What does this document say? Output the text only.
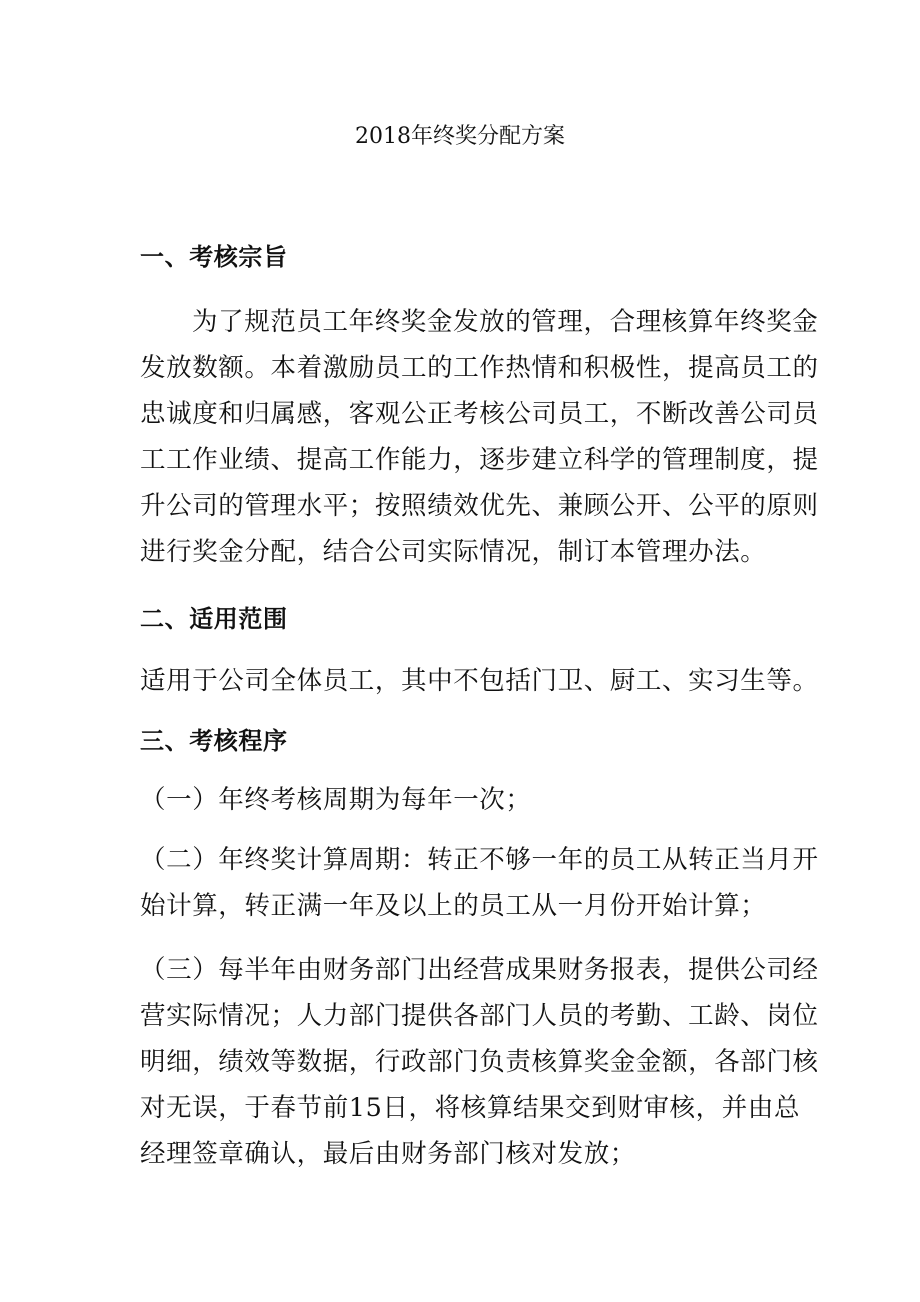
2018年终奖分配方案
一、考核宗旨
为了规范员工年终奖金发放的管理，合理核算年终奖金
发放数额。本着激励员工的工作热情和积极性，提高员工的
忠诚度和归属感，客观公正考核公司员工，不断改善公司员
工工作业绩、提高工作能力，逐步建立科学的管理制度，提
升公司的管理水平；按照绩效优先、兼顾公开、公平的原则
进行奖金分配，结合公司实际情况，制订本管理办法。
二、适用范围
适用于公司全体员工，其中不包括门卫、厨工、实习生等。
三、考核程序
（一）年终考核周期为每年一次；
（二）年终奖计算周期：转正不够一年的员工从转正当月开
始计算，转正满一年及以上的员工从一月份开始计算；
（三）每半年由财务部门出经营成果财务报表，提供公司经
营实际情况；人力部门提供各部门人员的考勤、工龄、岗位
明细，绩效等数据，行政部门负责核算奖金金额，各部门核
对无误，于春节前15日，将核算结果交到财审核，并由总
经理签章确认，最后由财务部门核对发放；
